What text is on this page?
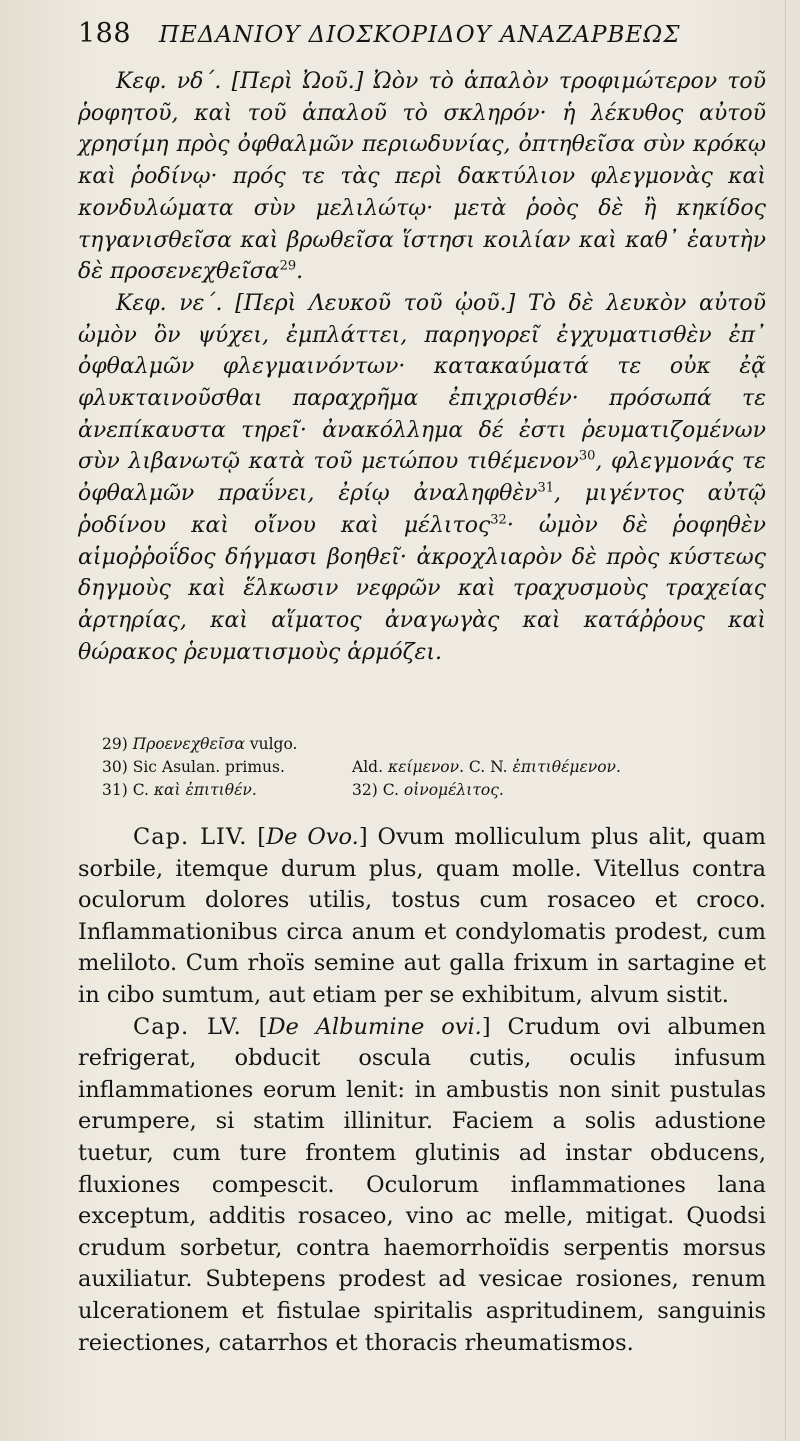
188 ΠΕΔΑΝΙΟΥ ΔΙΟΣΚΟΡΙΔΟΥ ΑΝΑΖΑΡΒΕΩΣ

Κεφ. νδ΄. [Περὶ Ὠοῦ.] Ὠὸν τὸ ἁπαλὸν τροφιμώτερον τοῦ ῥοφητοῦ, καὶ τοῦ ἁπαλοῦ τὸ σκληρόν· ἡ λέκυθος αὐτοῦ χρησίμη πρὸς ὀφθαλμῶν περιωδυνίας, ὀπτηθεῖσα σὺν κρόκῳ καὶ ῥοδίνῳ· πρός τε τὰς περὶ δακτύλιον φλεγμονὰς καὶ κονδυλώματα σὺν μελιλώτῳ· μετὰ ῥοὸς δὲ ἢ κηκίδος τηγανισθεῖσα καὶ βρωθεῖσα ἵστησι κοιλίαν καὶ καθ᾽ ἑαυτὴν δὲ προσενεχθεῖσα$^{29}$.

Κεφ. νε΄. [Περὶ Λευκοῦ τοῦ ᾠοῦ.] Τὸ δὲ λευκὸν αὐτοῦ ὠμὸν ὂν ψύχει, ἐμπλάττει, παρηγορεῖ ἐγχυματισθὲν ἐπ᾽ ὀφθαλμῶν φλεγμαινόντων· κατακαύματά τε οὐκ ἐᾷ φλυκταινοῦσθαι παραχρῆμα ἐπιχρισθέν· πρόσωπά τε ἀνεπίκαυστα τηρεῖ· ἀνακόλλημα δέ ἐστι ῥευματιζομένων σὺν λιβανωτῷ κατὰ τοῦ μετώπου τιθέμενον$^{30}$, φλεγμονάς τε ὀφθαλμῶν πραΰνει, ἐρίῳ ἀναληφθὲν$^{31}$, μιγέντος αὐτῷ ῥοδίνου καὶ οἴνου καὶ μέλιτος$^{32}$· ὠμὸν δὲ ῥοφηθὲν αἱμοῤῥοΐδος δήγμασι βοηθεῖ· ἀκροχλιαρὸν δὲ πρὸς κύστεως δηγμοὺς καὶ ἕλκωσιν νεφρῶν καὶ τραχυσμοὺς τραχείας ἀρτηρίας, καὶ αἵματος ἀναγωγὰς καὶ κατάῤῥους καὶ θώρακος ῥευματισμοὺς ἁρμόζει.

29) Προενεχθεῖσα vulgo.
30) Sic Asulan. primus.	Ald. κείμενον. C. N. ἐπιτιθέμενον.
31) C. καὶ ἐπιτιθέν.	32) C. οἰνομέλιτος.

Cap. LIV. [De Ovo.] Ovum molliculum plus alit, quam sorbile, itemque durum plus, quam molle. Vitellus contra oculorum dolores utilis, tostus cum rosaceo et croco. Inflammationibus circa anum et condylomatis prodest, cum meliloto. Cum rhoïs semine aut galla frixum in sartagine et in cibo sumtum, aut etiam per se exhibitum, alvum sistit.

Cap. LV. [De Albumine ovi.] Crudum ovi albumen refrigerat, obducit oscula cutis, oculis infusum inflammationes eorum lenit: in ambustis non sinit pustulas erumpere, si statim illinitur. Faciem a solis adustione tuetur, cum ture frontem glutinis ad instar obducens, fluxiones compescit. Oculorum inflammationes lana exceptum, additis rosaceo, vino ac melle, mitigat. Quodsi crudum sorbetur, contra haemorrhoïdis serpentis morsus auxiliatur. Subtepens prodest ad vesicae rosiones, renum ulcerationem et fistulae spiritalis aspritudinem, sanguinis reiectiones, catarrhos et thoracis rheumatismos.
